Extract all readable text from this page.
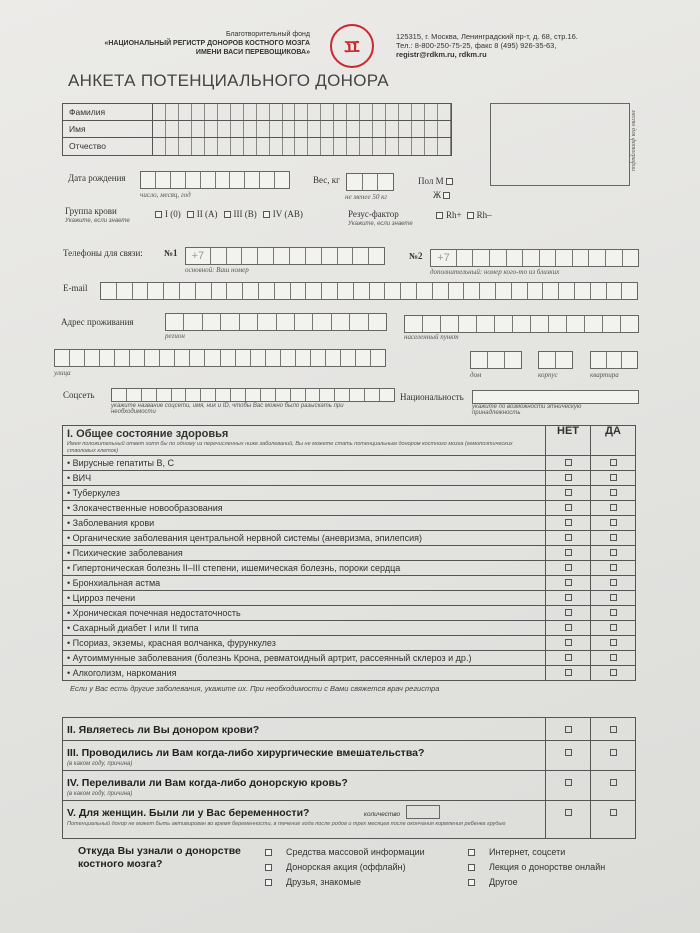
Благотворительный фонд
«НАЦИОНАЛЬНЫЙ РЕГИСТР ДОНОРОВ КОСТНОГО МОЗГА
ИМЕНИ ВАСИ ПЕРЕВОЩИКОВА»	ㅍ	125315, г. Москва, Ленинградский пр-т, д. 68, стр.16.
Тел.: 8-800-250-75-25, факс 8 (495) 926-35-63,
registr@rdkm.ru, rdkm.ru
АНКЕТА ПОТЕНЦИАЛЬНОГО ДОНОРА
Фамилия
Имя
Отчество	место для фотографии
Дата рождения
число, месяц, год
Вес, кг
не менее 50 кг
Пол М
Ж
Группа крови
Укажите, если знаете
I (0) II (A) III (B) IV (AB)	Резус-фактор
Укажите, если знаете
Rh+ Rh–
Телефоны для связи: №1	+7
основной: Ваш номер
№2	+7
дополнительный: номер кого-то из близких
E-mail
Адрес проживания
регион	населенный пункт
улица	дом	корпус	квартира
Соцсеть
укажите название соцсети, имя, ник и ID, чтобы Вас можно было разыскать при необходимости
Национальность
укажите по возможности этническую принадлежность
I. Общее состояние здоровья
Имея положительный ответ хотя бы по одному из перечисленных ниже заболеваний, Вы не можете стать потенциальным донором костного мозга (гемопоэтических стволовых клеток)	НЕТ	ДА
• Вирусные гепатиты В, С		
• ВИЧ		
• Туберкулез		
• Злокачественные новообразования		
• Заболевания крови		
• Органические заболевания центральной нервной системы (аневризма, эпилепсия)		
• Психические заболевания		
• Гипертоническая болезнь II–III степени, ишемическая болезнь, пороки сердца		
• Бронхиальная астма		
• Цирроз печени		
• Хроническая почечная недостаточность		
• Сахарный диабет I или II типа		
• Псориаз, экземы, красная волчанка, фурункулез		
• Аутоиммунные заболевания (болезнь Крона, ревматоидный артрит, рассеянный склероз и др.)		
• Алкоголизм, наркомания		
Если у Вас есть другие заболевания, укажите их. При необходимости с Вами свяжется врач регистра
II. Являетесь ли Вы донором крови?		
III. Проводились ли Вам когда-либо хирургические вмешательства?
(в каком году, причина)		

IV. Переливали ли Вам когда-либо донорскую кровь?
(в каком году, причина)		

V. Для женщин. Были ли у Вас беременности? количество
Потенциальный донор не может быть активирован во время беременности, в течение года после родов и трех месяцев после окончания кормления ребенка грудью		

Откуда Вы узнали о донорстве костного мозга?
Средства массовой информации
Донорская акция (оффлайн)
Друзья, знакомые
Интернет, соцсети
Лекция о донорстве онлайн
Другое
